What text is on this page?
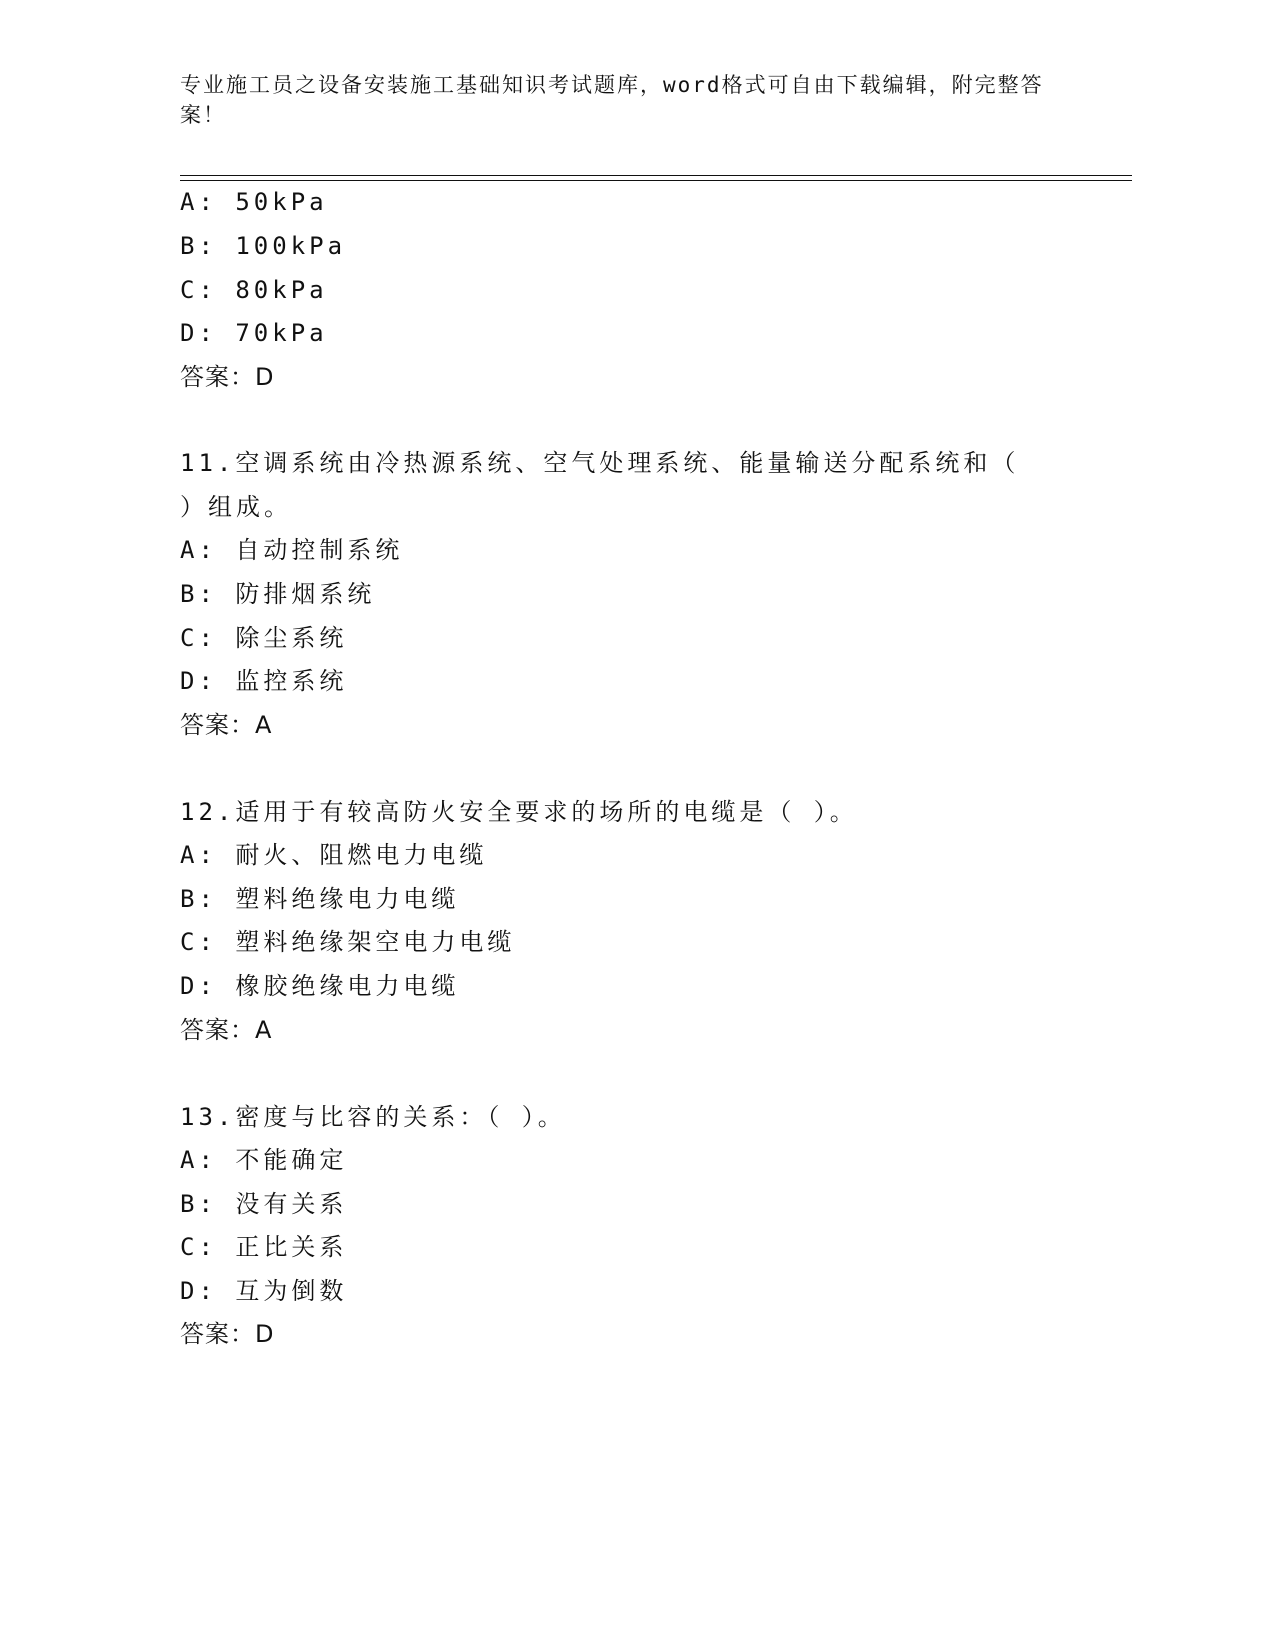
专业施工员之设备安装施工基础知识考试题库，word格式可自由下载编辑，附完整答案！
A: 50kPa
B: 100kPa
C: 80kPa
D: 70kPa
答案：D
11.空调系统由冷热源系统、空气处理系统、能量输送分配系统和（
）组成。
A: 自动控制系统
B: 防排烟系统
C: 除尘系统
D: 监控系统
答案：A
12.适用于有较高防火安全要求的场所的电缆是（ ）。
A: 耐火、阻燃电力电缆
B: 塑料绝缘电力电缆
C: 塑料绝缘架空电力电缆
D: 橡胶绝缘电力电缆
答案：A
13.密度与比容的关系：（ ）。
A: 不能确定
B: 没有关系
C: 正比关系
D: 互为倒数
答案：D
